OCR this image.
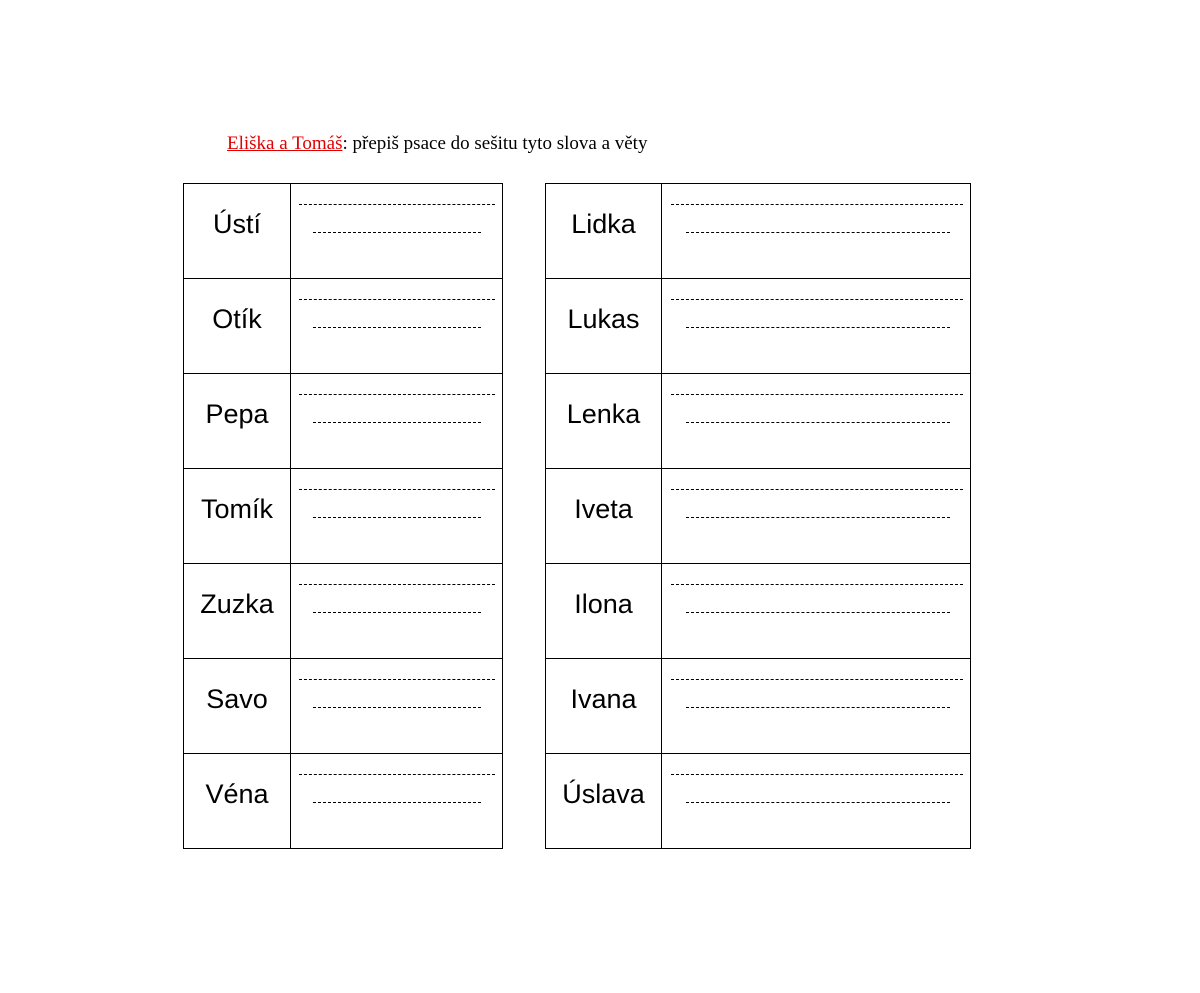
Eliška a Tomáš: přepiš psace do sešitu tyto slova a věty
Ústí	

Otík	

Pepa	

Tomík	

Zuzka	

Savo	

Véna	

Lidka	

Lukas	

Lenka	

Iveta	

Ilona	

Ivana	

Úslava	
